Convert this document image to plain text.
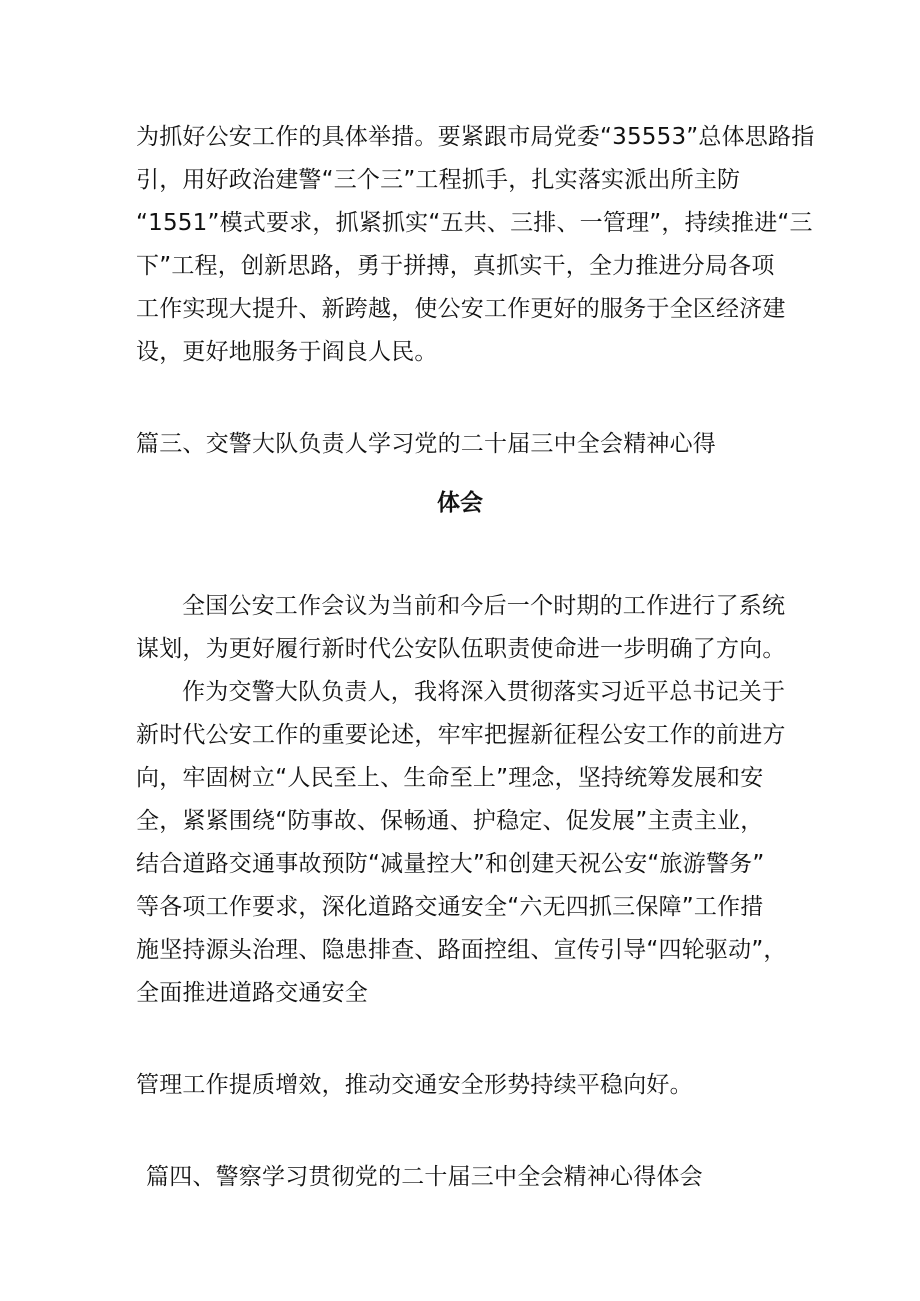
为抓好公安工作的具体举措。要紧跟市局党委“35553”总体思路指
引，用好政治建警“三个三”工程抓手，扎实落实派出所主防
“1551”模式要求，抓紧抓实“五共、三排、一管理”，持续推进“三
下”工程，创新思路，勇于拼搏，真抓实干，全力推进分局各项
工作实现大提升、新跨越，使公安工作更好的服务于全区经济建
设，更好地服务于阎良人民。
篇三、交警大队负责人学习党的二十届三中全会精神心得
体会
全国公安工作会议为当前和今后一个时期的工作进行了系统
谋划，为更好履行新时代公安队伍职责使命进一步明确了方向。
作为交警大队负责人，我将深入贯彻落实习近平总书记关于
新时代公安工作的重要论述，牢牢把握新征程公安工作的前进方
向，牢固树立“人民至上、生命至上”理念，坚持统筹发展和安
全，紧紧围绕“防事故、保畅通、护稳定、促发展”主责主业，
结合道路交通事故预防“减量控大”和创建天祝公安“旅游警务”
等各项工作要求，深化道路交通安全“六无四抓三保障”工作措
施坚持源头治理、隐患排查、路面控组、宣传引导“四轮驱动”，
全面推进道路交通安全
管理工作提质增效，推动交通安全形势持续平稳向好。
篇四、警察学习贯彻党的二十届三中全会精神心得体会
